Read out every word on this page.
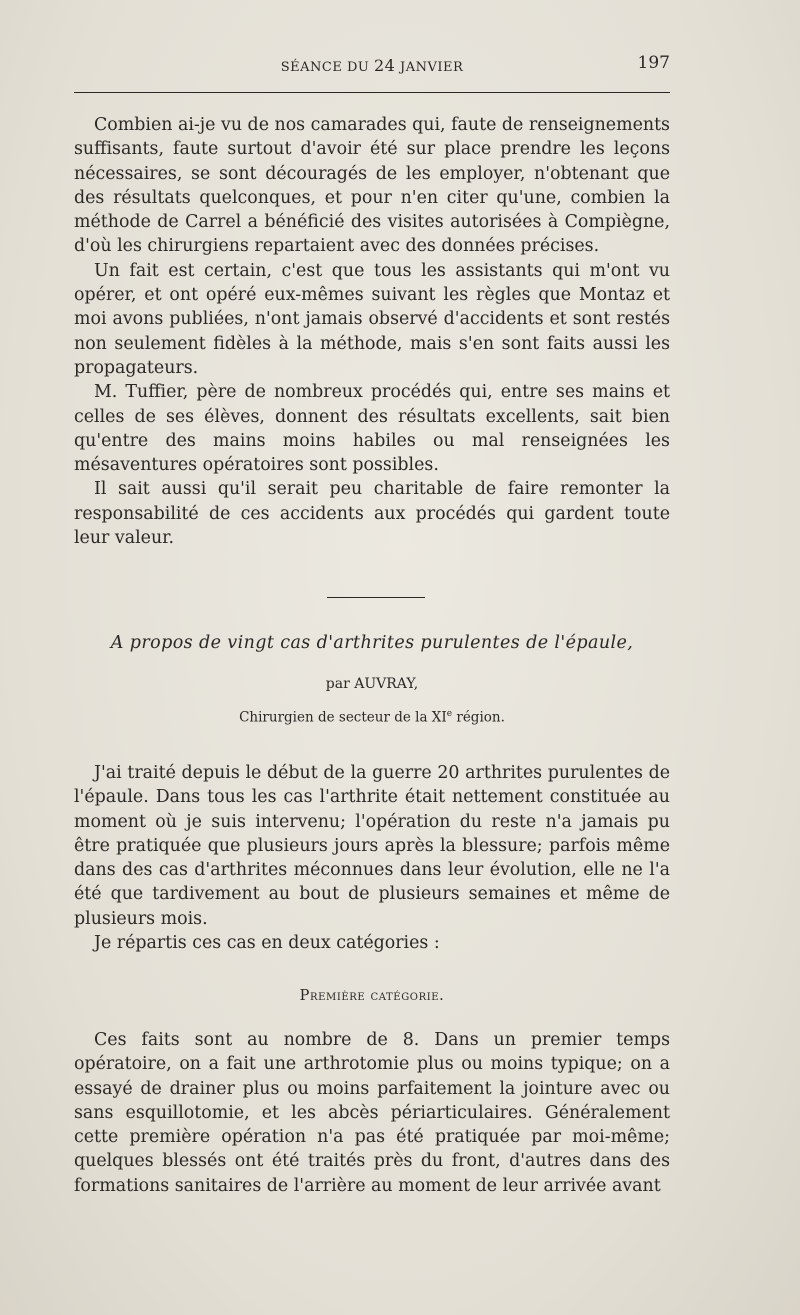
SÉANCE DU 24 JANVIER	197

Combien ai-je vu de nos camarades qui, faute de renseignements suffisants, faute surtout d'avoir été sur place prendre les leçons nécessaires, se sont découragés de les employer, n'obtenant que des résultats quelconques, et pour n'en citer qu'une, combien la méthode de Carrel a bénéficié des visites autorisées à Compiègne, d'où les chirurgiens repartaient avec des données précises.

Un fait est certain, c'est que tous les assistants qui m'ont vu opérer, et ont opéré eux-mêmes suivant les règles que Montaz et moi avons publiées, n'ont jamais observé d'accidents et sont restés non seulement fidèles à la méthode, mais s'en sont faits aussi les propagateurs.

M. Tuffier, père de nombreux procédés qui, entre ses mains et celles de ses élèves, donnent des résultats excellents, sait bien qu'entre des mains moins habiles ou mal renseignées les mésaventures opératoires sont possibles.

Il sait aussi qu'il serait peu charitable de faire remonter la responsabilité de ces accidents aux procédés qui gardent toute leur valeur.

A propos de vingt cas d'arthrites purulentes de l'épaule,
par AUVRAY,
Chirurgien de secteur de la XIe région.

J'ai traité depuis le début de la guerre 20 arthrites purulentes de l'épaule. Dans tous les cas l'arthrite était nettement constituée au moment où je suis intervenu; l'opération du reste n'a jamais pu être pratiquée que plusieurs jours après la blessure; parfois même dans des cas d'arthrites méconnues dans leur évolution, elle ne l'a été que tardivement au bout de plusieurs semaines et même de plusieurs mois.

Je répartis ces cas en deux catégories :

Première catégorie.

Ces faits sont au nombre de 8. Dans un premier temps opératoire, on a fait une arthrotomie plus ou moins typique; on a essayé de drainer plus ou moins parfaitement la jointure avec ou sans esquillotomie, et les abcès périarticulaires. Généralement cette première opération n'a pas été pratiquée par moi-même; quelques blessés ont été traités près du front, d'autres dans des formations sanitaires de l'arrière au moment de leur arrivée avant
